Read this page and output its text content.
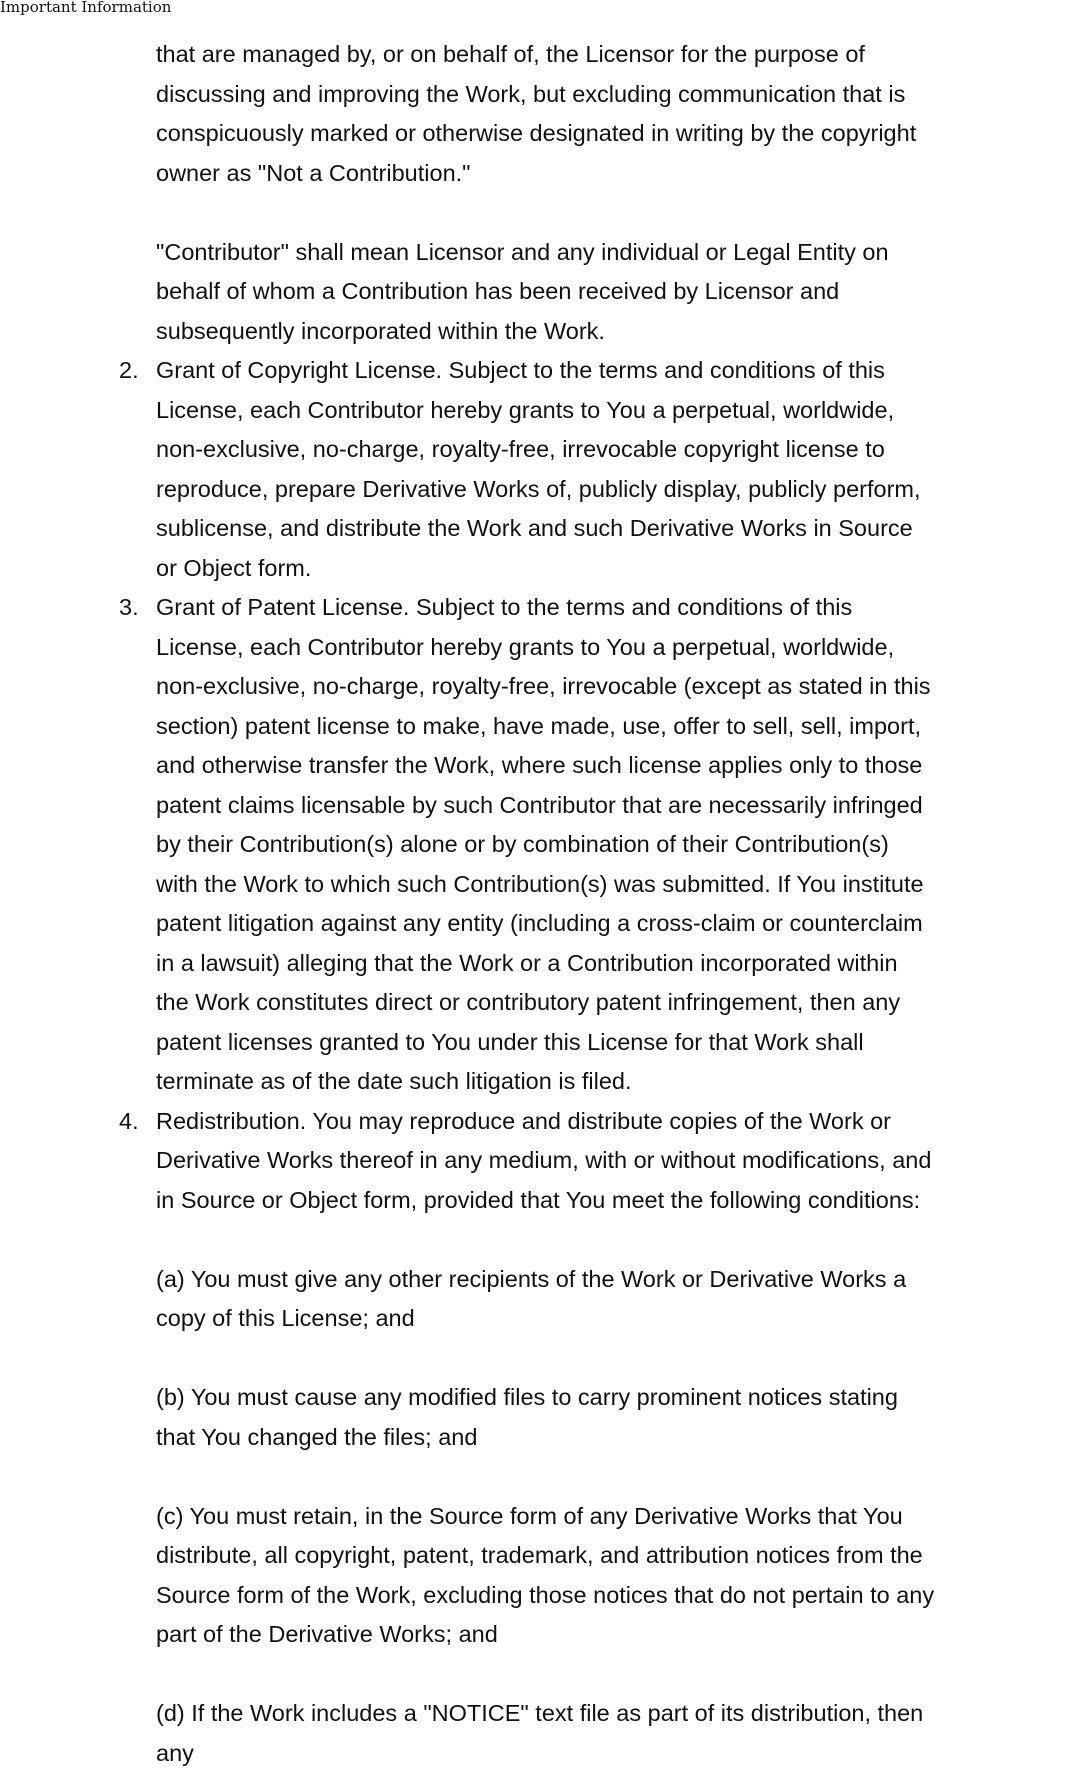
Important Information

that are managed by, or on behalf of, the Licensor for the purpose of discussing and improving the Work, but excluding communication that is conspicuously marked or otherwise designated in writing by the copyright owner as "Not a Contribution."

"Contributor" shall mean Licensor and any individual or Legal Entity on behalf of whom a Contribution has been received by Licensor and subsequently incorporated within the Work.

2. Grant of Copyright License. Subject to the terms and conditions of this License, each Contributor hereby grants to You a perpetual, worldwide, non-exclusive, no-charge, royalty-free, irrevocable copyright license to reproduce, prepare Derivative Works of, publicly display, publicly perform, sublicense, and distribute the Work and such Derivative Works in Source or Object form.

3. Grant of Patent License. Subject to the terms and conditions of this License, each Contributor hereby grants to You a perpetual, worldwide, non-exclusive, no-charge, royalty-free, irrevocable (except as stated in this section) patent license to make, have made, use, offer to sell, sell, import, and otherwise transfer the Work, where such license applies only to those patent claims licensable by such Contributor that are necessarily infringed by their Contribution(s) alone or by combination of their Contribution(s) with the Work to which such Contribution(s) was submitted. If You institute patent litigation against any entity (including a cross-claim or counterclaim in a lawsuit) alleging that the Work or a Contribution incorporated within the Work constitutes direct or contributory patent infringement, then any patent licenses granted to You under this License for that Work shall terminate as of the date such litigation is filed.

4. Redistribution. You may reproduce and distribute copies of the Work or Derivative Works thereof in any medium, with or without modifications, and in Source or Object form, provided that You meet the following conditions:

(a) You must give any other recipients of the Work or Derivative Works a copy of this License; and

(b) You must cause any modified files to carry prominent notices stating that You changed the files; and

(c) You must retain, in the Source form of any Derivative Works that You distribute, all copyright, patent, trademark, and attribution notices from the Source form of the Work, excluding those notices that do not pertain to any part of the Derivative Works; and

(d) If the Work includes a "NOTICE" text file as part of its distribution, then any
